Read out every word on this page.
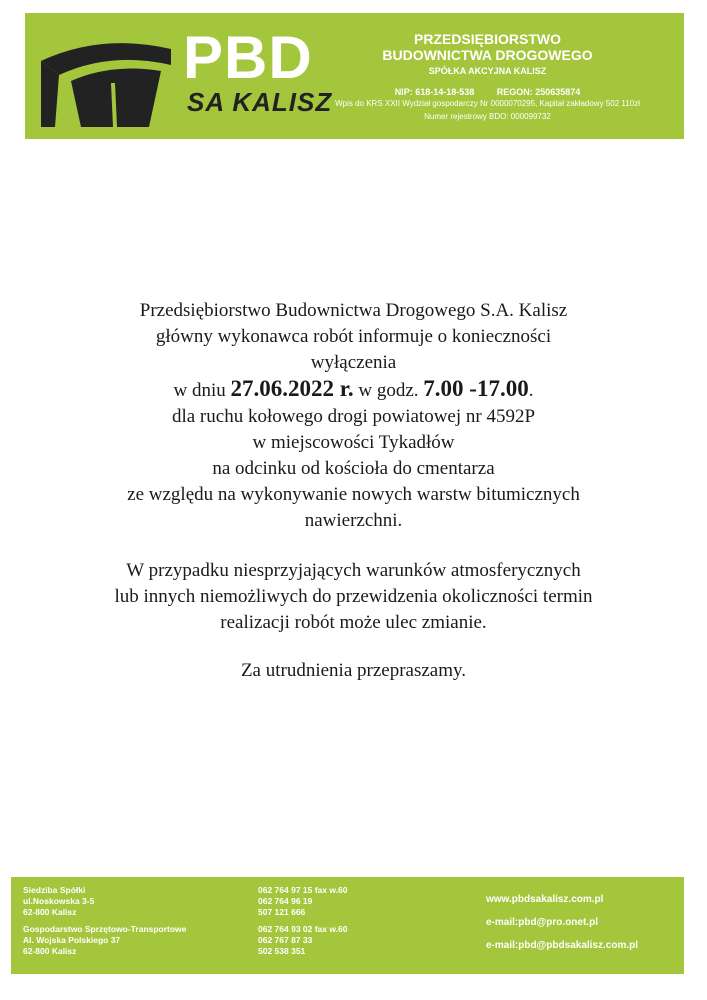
PBD
SA KALISZ
PRZEDSIĘBIORSTWO
BUDOWNICTWA DROGOWEGO
SPÓŁKA AKCYJNA KALISZ
NIP: 618-14-18-538	REGON: 250635874
Wpis do KRS XXII Wydział gospodarczy Nr 0000070295, Kapitał zakładowy 502 110zł
Numer rejestrowy BDO: 000099732

Przedsiębiorstwo Budownictwa Drogowego S.A. Kalisz

główny wykonawca robót informuje o konieczności

wyłączenia

w dniu 27.06.2022 r. w godz. 7.00 -17.00.

dla ruchu kołowego drogi powiatowej nr 4592P

w miejscowości Tykadłów

na odcinku od kościoła do cmentarza

ze względu na wykonywanie nowych warstw bitumicznych

nawierzchni.

W przypadku niesprzyjających warunków atmosferycznych

lub innych niemożliwych do przewidzenia okoliczności termin

realizacji robót może ulec zmianie.

Za utrudnienia przepraszamy.

Siedziba Spółki
ul.Noskowska 3-5
62-800 Kalisz
Gospodarstwo Sprzętowo-Transportowe
Al. Wojska Polskiego 37
62-800 Kalisz
062 764 97 15 fax w.60
062 764 96 19
507 121 666
062 764 93 02 fax w.60
062 767 87 33
502 538 351
www.pbdsakalisz.com.pl
e-mail:pbd@pro.onet.pl
e-mail:pbd@pbdsakalisz.com.pl
